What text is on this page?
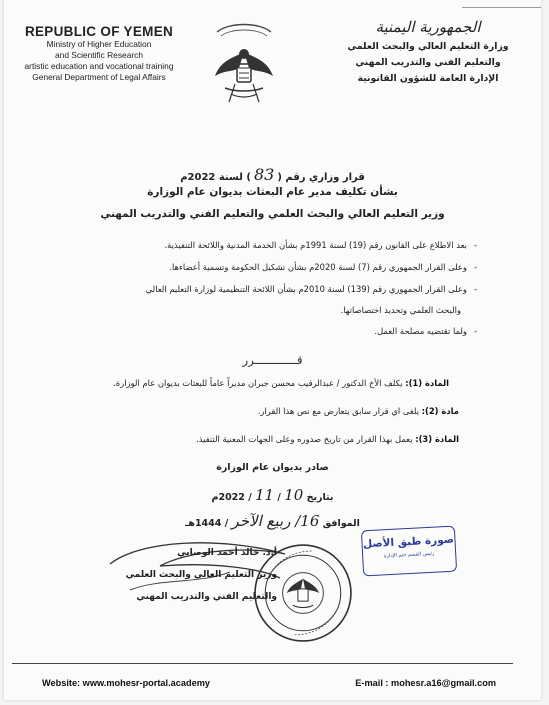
REPUBLIC OF YEMEN
Ministry of Higher Education
and Scientific Research
artistic education and vocational training
General Department of Legal Affairs
الجمهورية اليمنية
وزارة التعليم العالي والبحث العلمي
والتعليم الفني والتدريب المهني
الإدارة العامة للشؤون القانونية
قرار وزاري رقم (83) لسنة 2022م
بشأن تكليف مدير عام البعثات بديوان عام الوزارة
وزير التعليم العالي والبحث العلمي والتعليم الفني والتدريب المهني
-بعد الاطلاع على القانون رقم (19) لسنة 1991م بشأن الخدمة المدنية واللائحة التنفيذية.
-وعلى القرار الجمهوري رقم (7) لسنة 2020م بشأن تشكيل الحكومة وتسمية أعضاءها.
-وعلى القرار الجمهوري رقم (139) لسنة 2010م بشأن اللائحة التنظيمية لوزارة التعليم العالي
والبحث العلمي وتحديد اختصاصاتها.
-ولما تقتضيه مصلحة العمل.
قــــــــــــرر
المادة (1): يكلف الأخ الدكتور / عبدالرقيب محسن جبران مديراً عاماً للبعثات بديوان عام الوزارة.
مادة (2): يلغى اي قرار سابق يتعارض مع نص هذا القرار.
المادة (3): يعمل بهذا القرار من تاريخ صدوره وعلى الجهات المعنية التنفيذ.
صادر بديوان عام الوزارة
بتاريخ 10 / 11 / 2022م
الموافق 16/ ربيع الآخر / 1444هـ
أ.د. خالد أحمد الوصابي
وزير التعليم العالي والبحث العلمي
والتعليم الفني والتدريب المهني
صورة طبق الأصل
رئيس القسم ختم الإدارة
Website: www.mohesr-portal.academy	E-mail : mohesr.a16@gmail.com
